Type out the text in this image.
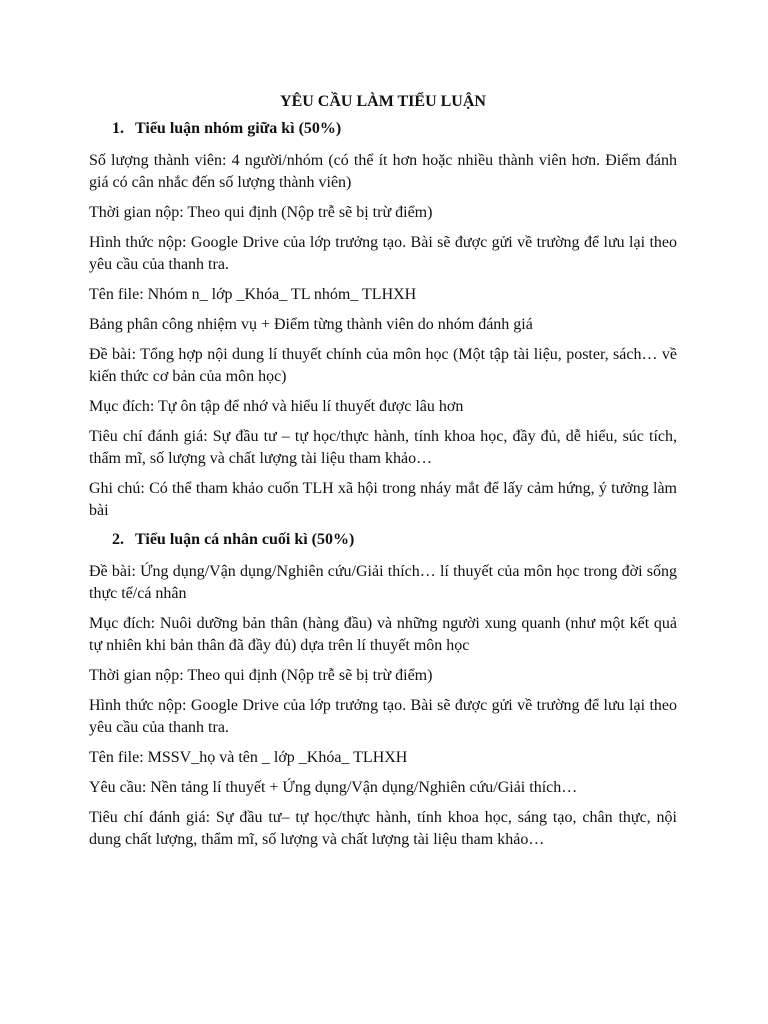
YÊU CẦU LÀM TIỂU LUẬN
1. Tiểu luận nhóm giữa kì (50%)

Số lượng thành viên: 4 người/nhóm (có thể ít hơn hoặc nhiều thành viên hơn. Điểm đánh giá có cân nhắc đến số lượng thành viên)

Thời gian nộp: Theo qui định (Nộp trễ sẽ bị trừ điểm)

Hình thức nộp: Google Drive của lớp trưởng tạo. Bài sẽ được gửi về trường để lưu lại theo yêu cầu của thanh tra.

Tên file: Nhóm n_ lớp _Khóa_ TL nhóm_ TLHXH

Bảng phân công nhiệm vụ + Điểm từng thành viên do nhóm đánh giá

Đề bài: Tổng hợp nội dung lí thuyết chính của môn học (Một tập tài liệu, poster, sách… về kiến thức cơ bản của môn học)

Mục đích: Tự ôn tập để nhớ và hiểu lí thuyết được lâu hơn

Tiêu chí đánh giá: Sự đầu tư – tự học/thực hành, tính khoa học, đầy đủ, dễ hiểu, súc tích, thẩm mĩ, số lượng và chất lượng tài liệu tham khảo…

Ghi chú: Có thể tham khảo cuốn TLH xã hội trong nháy mắt để lấy cảm hứng, ý tưởng làm bài

2. Tiểu luận cá nhân cuối kì (50%)

Đề bài: Ứng dụng/Vận dụng/Nghiên cứu/Giải thích… lí thuyết của môn học trong đời sống thực tế/cá nhân

Mục đích: Nuôi dưỡng bản thân (hàng đầu) và những người xung quanh (như một kết quả tự nhiên khi bản thân đã đầy đủ) dựa trên lí thuyết môn học

Thời gian nộp: Theo qui định (Nộp trễ sẽ bị trừ điểm)

Hình thức nộp: Google Drive của lớp trưởng tạo. Bài sẽ được gửi về trường để lưu lại theo yêu cầu của thanh tra.

Tên file: MSSV_họ và tên _ lớp _Khóa_ TLHXH

Yêu cầu: Nền tảng lí thuyết + Ứng dụng/Vận dụng/Nghiên cứu/Giải thích…

Tiêu chí đánh giá: Sự đầu tư– tự học/thực hành, tính khoa học, sáng tạo, chân thực, nội dung chất lượng, thẩm mĩ, số lượng và chất lượng tài liệu tham khảo…
